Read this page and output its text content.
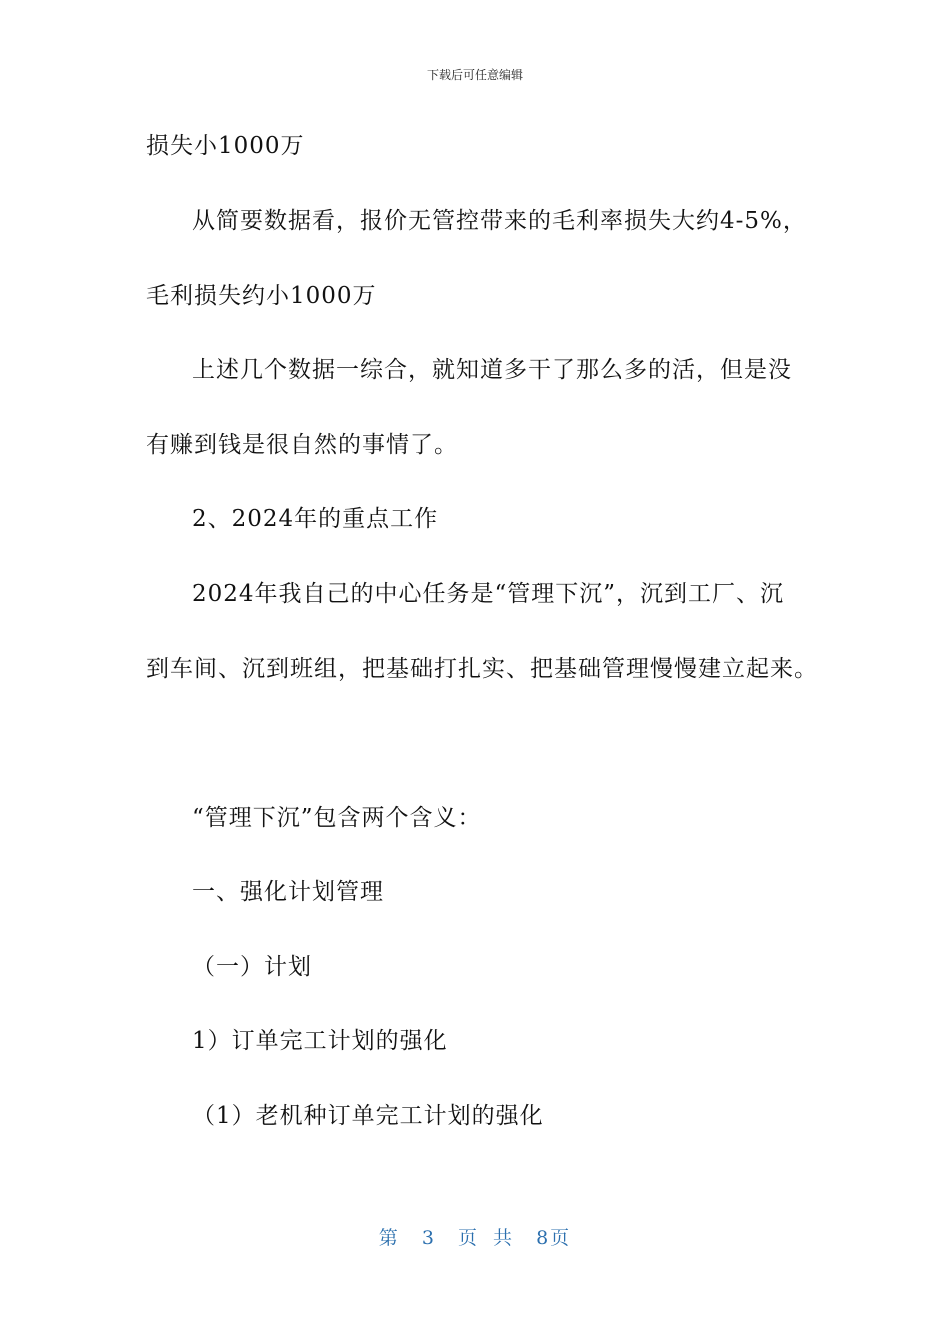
下载后可任意编辑
损失小1000万
从简要数据看，报价无管控带来的毛利率损失大约4-5%，
毛利损失约小1000万
上述几个数据一综合，就知道多干了那么多的活，但是没
有赚到钱是很自然的事情了。
2、2024年的重点工作
2024年我自己的中心任务是“管理下沉”，沉到工厂、沉
到车间、沉到班组，把基础打扎实、把基础管理慢慢建立起来。
“管理下沉”包含两个含义：
一、强化计划管理
（一）计划
1）订单完工计划的强化
（1）老机种订单完工计划的强化
第 3 页 共 8页
